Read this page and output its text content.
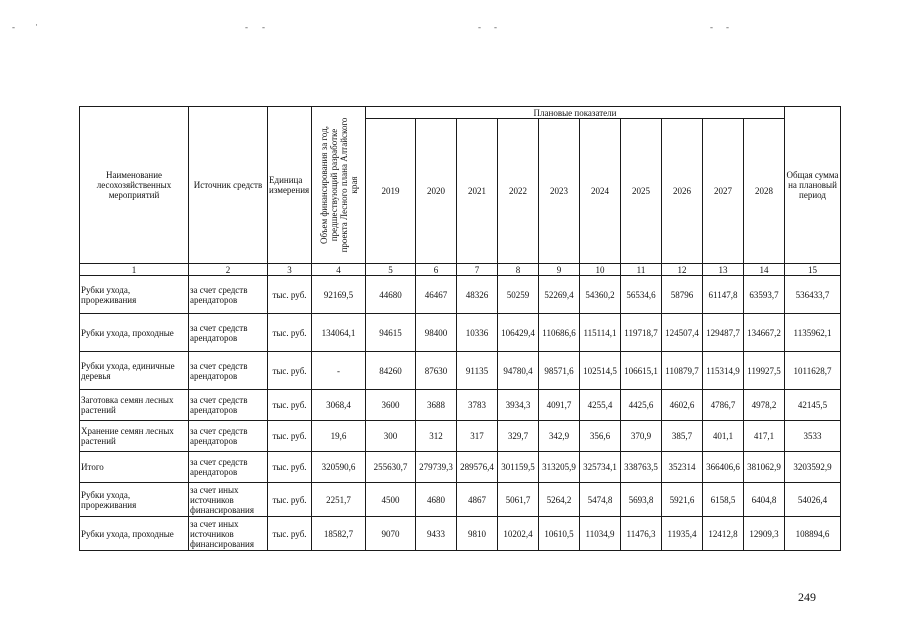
- ·	- -	- -	- -
Наименование лесохозяйственных мероприятий	Источник средств	Единица измерения	Объем финансирования за год, предшествующий разработке проекта Лесного плана Алтайского края	Плановые показатели										Общая сумма на плановый период
				2019	2020	2021	2022	2023	2024	2025	2026	2027	2028	
1	2	3	4	5	6	7	8	9	10	11	12	13	14	15
Рубки ухода, прореживания	за счет средств арендаторов	тыс. руб.	92169,5	44680	46467	48326	50259	52269,4	54360,2	56534,6	58796	61147,8	63593,7	536433,7
Рубки ухода, проходные	за счет средств арендаторов	тыс. руб.	134064,1	94615	98400	10336	106429,4	110686,6	115114,1	119718,7	124507,4	129487,7	134667,2	1135962,1
Рубки ухода, единичные деревья	за счет средств арендаторов	тыс. руб.	-	84260	87630	91135	94780,4	98571,6	102514,5	106615,1	110879,7	115314,9	119927,5	1011628,7
Заготовка семян лесных растений	за счет средств арендаторов	тыс. руб.	3068,4	3600	3688	3783	3934,3	4091,7	4255,4	4425,6	4602,6	4786,7	4978,2	42145,5
Хранение семян лесных растений	за счет средств арендаторов	тыс. руб.	19,6	300	312	317	329,7	342,9	356,6	370,9	385,7	401,1	417,1	3533
Итого	за счет средств арендаторов	тыс. руб.	320590,6	255630,7	279739,3	289576,4	301159,5	313205,9	325734,1	338763,5	352314	366406,6	381062,9	3203592,9
Рубки ухода, прореживания	за счет иных источников финансирования	тыс. руб.	2251,7	4500	4680	4867	5061,7	5264,2	5474,8	5693,8	5921,6	6158,5	6404,8	54026,4
Рубки ухода, проходные	за счет иных источников финансирования	тыс. руб.	18582,7	9070	9433	9810	10202,4	10610,5	11034,9	11476,3	11935,4	12412,8	12909,3	108894,6
249
